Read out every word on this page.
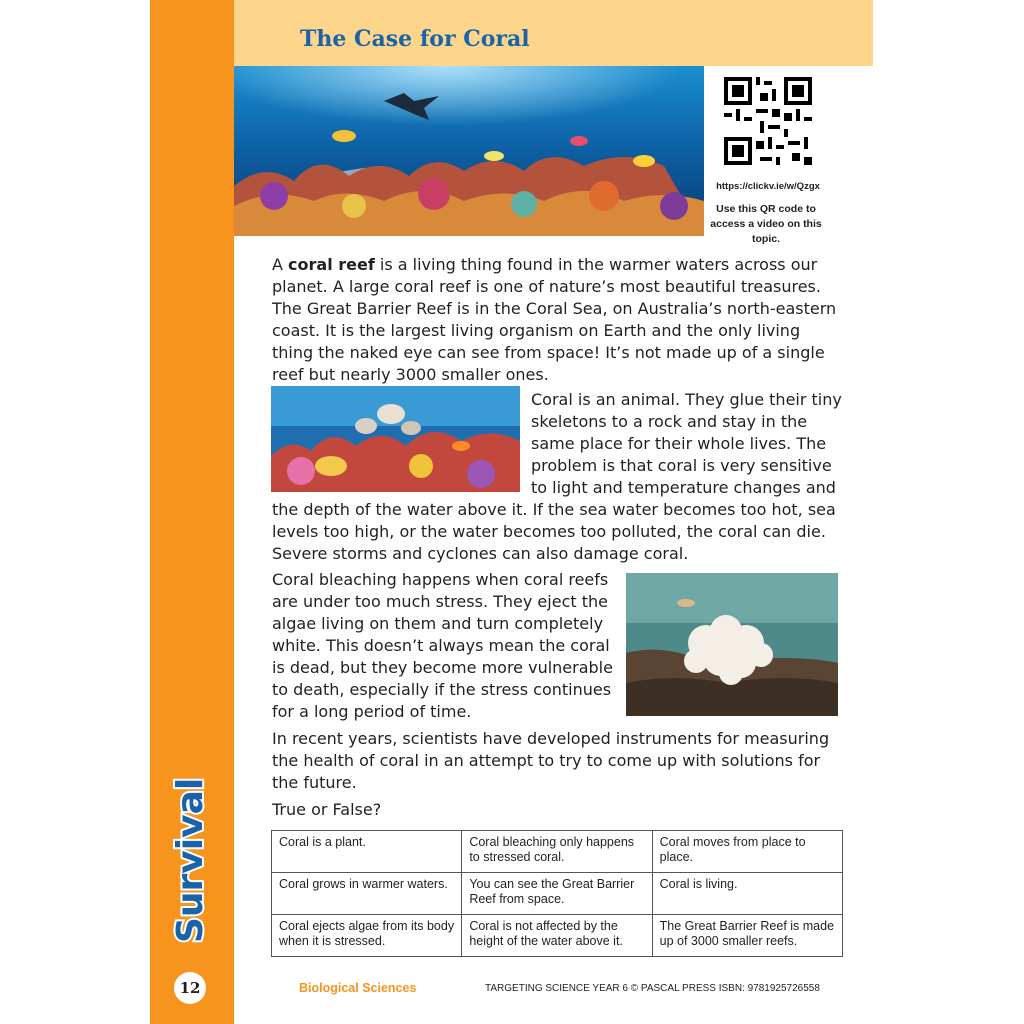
The Case for Coral
https://clickv.ie/w/Qzgx
Use this QR code to access a video on this topic.
A coral reef is a living thing found in the warmer waters across our planet. A large coral reef is one of nature’s most beautiful treasures. The Great Barrier Reef is in the Coral Sea, on Australia’s north-eastern coast. It is the largest living organism on Earth and the only living thing the naked eye can see from space! It’s not made up of a single reef but nearly 3000 smaller ones.
Coral is an animal. They glue their tiny skeletons to a rock and stay in the same place for their whole lives. The problem is that coral is very sensitive to light and temperature changes and
the depth of the water above it. If the sea water becomes too hot, sea levels too high, or the water becomes too polluted, the coral can die. Severe storms and cyclones can also damage coral.
Coral bleaching happens when coral reefs are under too much stress. They eject the algae living on them and turn completely white. This doesn’t always mean the coral is dead, but they become more vulnerable to death, especially if the stress continues for a long period of time.
In recent years, scientists have developed instruments for measuring the health of coral in an attempt to try to come up with solutions for the future.
True or False?
Coral is a plant.	Coral bleaching only happens to stressed coral.	Coral moves from place to place.
Coral grows in warmer waters.	You can see the Great Barrier Reef from space.	Coral is living.
Coral ejects algae from its body when it is stressed.	Coral is not affected by the height of the water above it.	The Great Barrier Reef is made up of 3000 smaller reefs.
Survival
12	Biological Sciences	TARGETING SCIENCE YEAR 6 © PASCAL PRESS ISBN: 9781925726558
